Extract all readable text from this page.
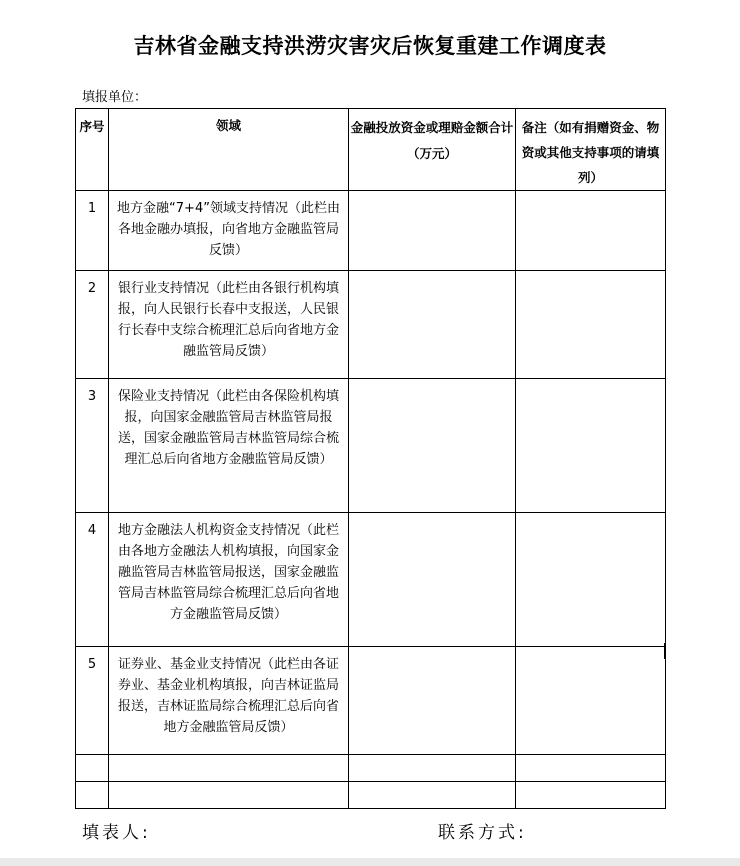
吉林省金融支持洪涝灾害灾后恢复重建工作调度表
填报单位：
序号	领域	金融投放资金或理赔金额合计（万元）	备注（如有捐赠资金、物资或其他支持事项的请填列）
1	地方金融“7+4”领域支持情况（此栏由各地金融办填报，向省地方金融监管局反馈）		
2	银行业支持情况（此栏由各银行机构填报，向人民银行长春中支报送，人民银行长春中支综合梳理汇总后向省地方金融监管局反馈）		
3	保险业支持情况（此栏由各保险机构填报，向国家金融监管局吉林监管局报送，国家金融监管局吉林监管局综合梳理汇总后向省地方金融监管局反馈）		
4	地方金融法人机构资金支持情况（此栏由各地方金融法人机构填报，向国家金融监管局吉林监管局报送，国家金融监管局吉林监管局综合梳理汇总后向省地方金融监管局反馈）		
5	证券业、基金业支持情况（此栏由各证券业、基金业机构填报，向吉林证监局报送，吉林证监局综合梳理汇总后向省地方金融监管局反馈）		

填表人:	联系方式:
